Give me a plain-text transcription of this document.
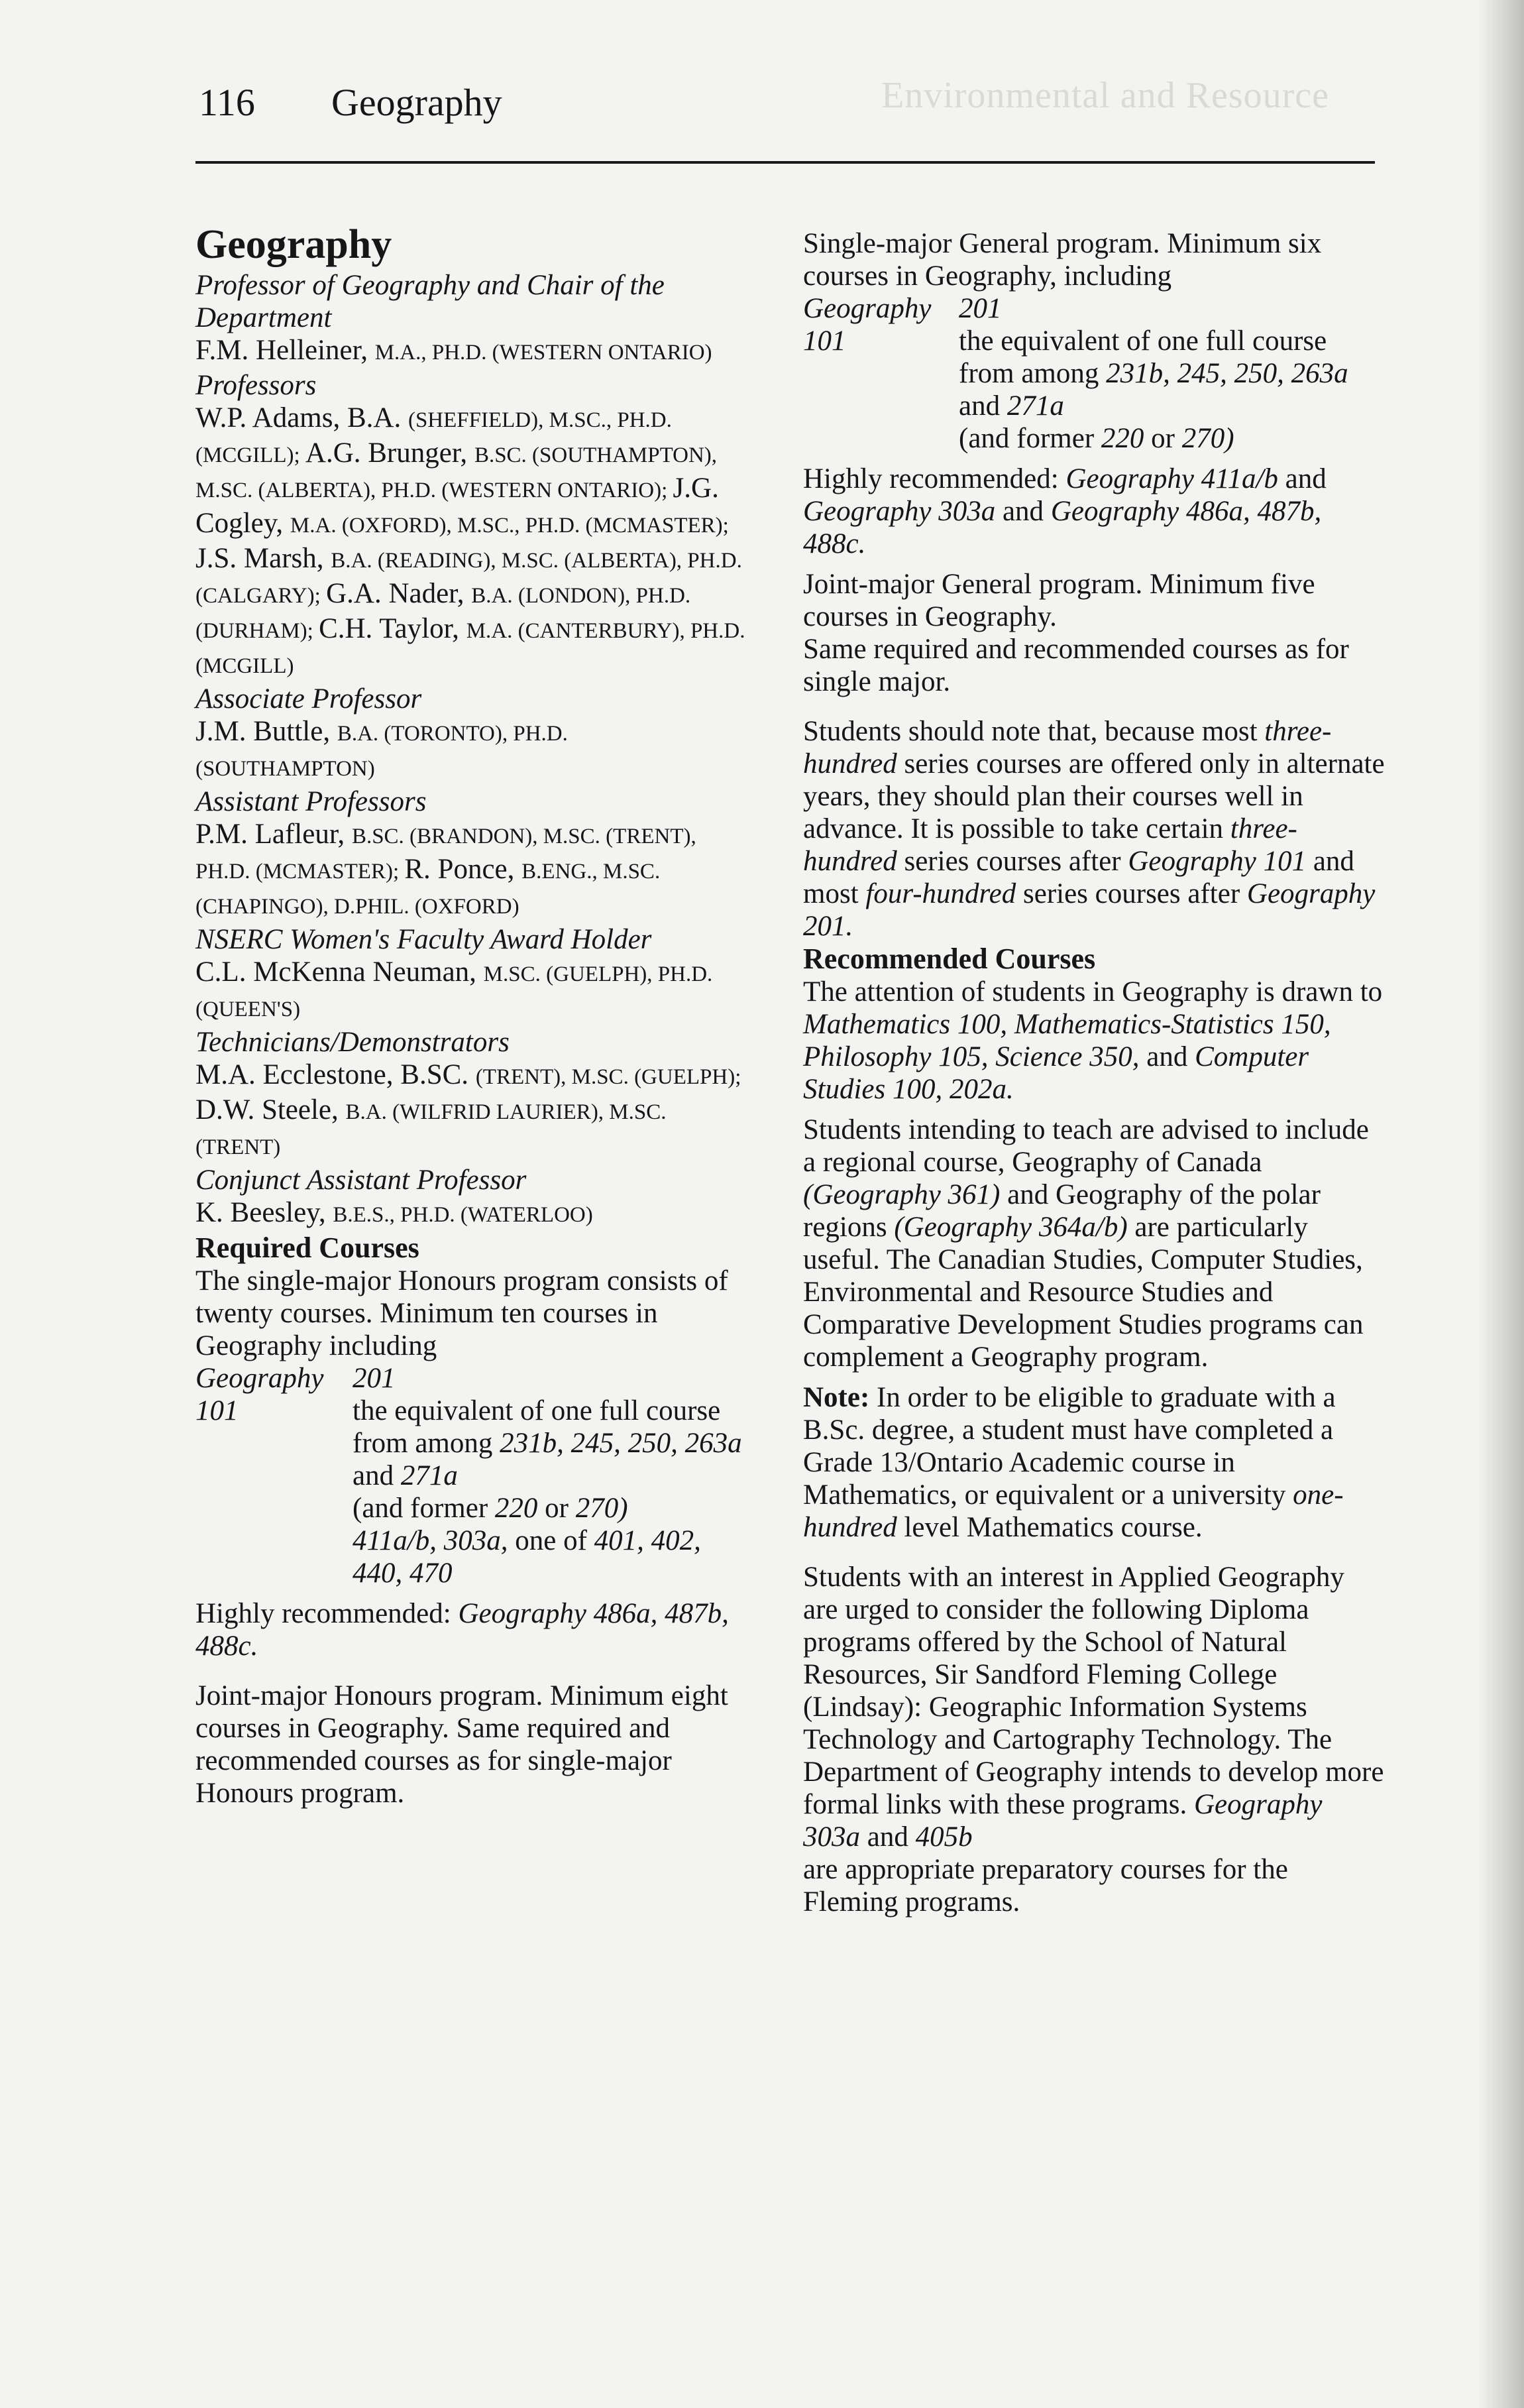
Environmental and Resource
116 Geography

Geography

Professor of Geography and Chair of the Department

F.M. Helleiner, M.A., PH.D. (WESTERN ONTARIO)

Professors

W.P. Adams, B.A. (SHEFFIELD), M.SC., PH.D. (MCGILL); A.G. Brunger, B.SC. (SOUTHAMPTON), M.SC. (ALBERTA), PH.D. (WESTERN ONTARIO); J.G. Cogley, M.A. (OXFORD), M.SC., PH.D. (MCMASTER); J.S. Marsh, B.A. (READING), M.SC. (ALBERTA), PH.D. (CALGARY); G.A. Nader, B.A. (LONDON), PH.D. (DURHAM); C.H. Taylor, M.A. (CANTERBURY), PH.D. (MCGILL)

Associate Professor

J.M. Buttle, B.A. (TORONTO), PH.D. (SOUTHAMPTON)

Assistant Professors

P.M. Lafleur, B.SC. (BRANDON), M.SC. (TRENT), PH.D. (MCMASTER); R. Ponce, B.ENG., M.SC. (CHAPINGO), D.PHIL. (OXFORD)

NSERC Women's Faculty Award Holder

C.L. McKenna Neuman, M.SC. (GUELPH), PH.D. (QUEEN'S)

Technicians/Demonstrators

M.A. Ecclestone, B.SC. (TRENT), M.SC. (GUELPH); D.W. Steele, B.A. (WILFRID LAURIER), M.SC. (TRENT)

Conjunct Assistant Professor

K. Beesley, B.E.S., PH.D. (WATERLOO)

Required Courses

The single-major Honours program consists of twenty courses. Minimum ten courses in Geography including

Geography 101
201
the equivalent of one full course from among 231b, 245, 250, 263a and 271a
(and former 220 or 270)
411a/b, 303a, one of 401, 402, 440, 470

Highly recommended: Geography 486a, 487b, 488c.

Joint-major Honours program. Minimum eight courses in Geography. Same required and recommended courses as for single-major Honours program.

Single-major General program. Minimum six courses in Geography, including

Geography 101
201
the equivalent of one full course from among 231b, 245, 250, 263a and 271a
(and former 220 or 270)

Highly recommended: Geography 411a/b and Geography 303a and Geography 486a, 487b, 488c.

Joint-major General program. Minimum five courses in Geography.

Same required and recommended courses as for single major.

Students should note that, because most three-hundred series courses are offered only in alternate years, they should plan their courses well in advance. It is possible to take certain three-hundred series courses after Geography 101 and most four-hundred series courses after Geography 201.

Recommended Courses

The attention of students in Geography is drawn to Mathematics 100, Mathematics-Statistics 150, Philosophy 105, Science 350, and Computer Studies 100, 202a.

Students intending to teach are advised to include a regional course, Geography of Canada (Geography 361) and Geography of the polar regions (Geography 364a/b) are particularly useful. The Canadian Studies, Computer Studies, Environmental and Resource Studies and Comparative Development Studies programs can complement a Geography program.

Note: In order to be eligible to graduate with a B.Sc. degree, a student must have completed a Grade 13/Ontario Academic course in Mathematics, or equivalent or a university one-hundred level Mathematics course.

Students with an interest in Applied Geography are urged to consider the following Diploma programs offered by the School of Natural Resources, Sir Sandford Fleming College (Lindsay): Geographic Information Systems Technology and Cartography Technology. The Department of Geography intends to develop more formal links with these programs. Geography 303a and 405b
are appropriate preparatory courses for the Fleming programs.
